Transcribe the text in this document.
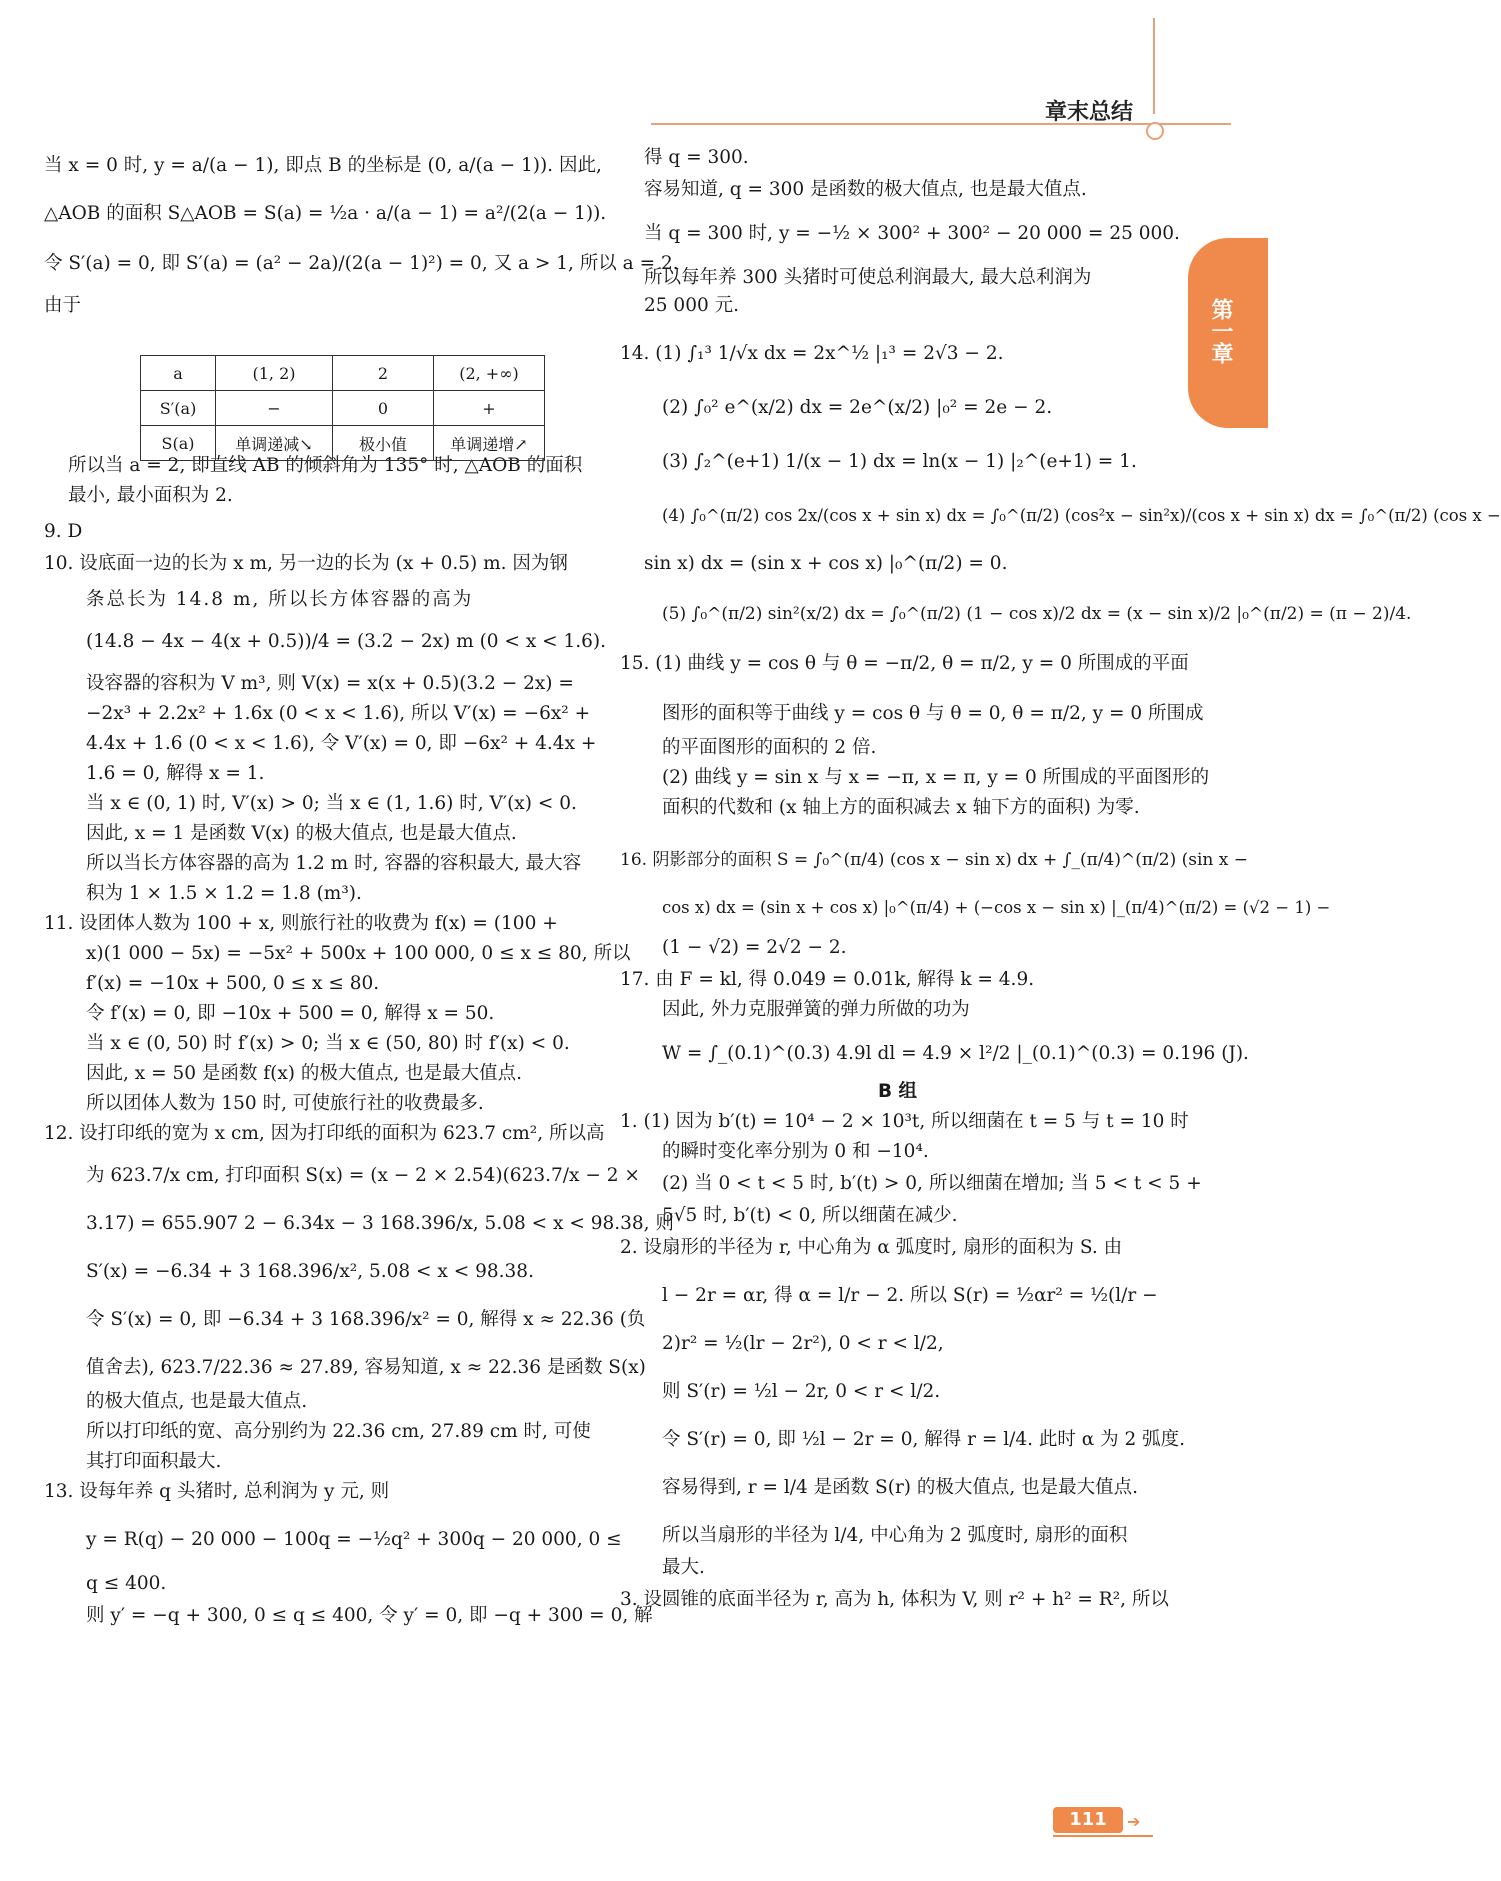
章末总结
第一章
当 x = 0 时, y = a/(a − 1), 即点 B 的坐标是 (0, a/(a − 1)). 因此,
△AOB 的面积 S△AOB = S(a) = ½a · a/(a − 1) = a²/(2(a − 1)).
令 S′(a) = 0, 即 S′(a) = (a² − 2a)/(2(a − 1)²) = 0, 又 a > 1, 所以 a = 2.
由于
所以当 a = 2, 即直线 AB 的倾斜角为 135° 时, △AOB 的面积
最小, 最小面积为 2.
9. D
10. 设底面一边的长为 x m, 另一边的长为 (x + 0.5) m. 因为钢
条总长为 14.8 m, 所以长方体容器的高为
(14.8 − 4x − 4(x + 0.5))/4 = (3.2 − 2x) m (0 < x < 1.6).
设容器的容积为 V m³, 则 V(x) = x(x + 0.5)(3.2 − 2x) =
−2x³ + 2.2x² + 1.6x (0 < x < 1.6), 所以 V′(x) = −6x² +
4.4x + 1.6 (0 < x < 1.6), 令 V′(x) = 0, 即 −6x² + 4.4x +
1.6 = 0, 解得 x = 1.
当 x ∈ (0, 1) 时, V′(x) > 0; 当 x ∈ (1, 1.6) 时, V′(x) < 0.
因此, x = 1 是函数 V(x) 的极大值点, 也是最大值点.
所以当长方体容器的高为 1.2 m 时, 容器的容积最大, 最大容
积为 1 × 1.5 × 1.2 = 1.8 (m³).
11. 设团体人数为 100 + x, 则旅行社的收费为 f(x) = (100 +
x)(1 000 − 5x) = −5x² + 500x + 100 000, 0 ≤ x ≤ 80, 所以
f′(x) = −10x + 500, 0 ≤ x ≤ 80.
令 f′(x) = 0, 即 −10x + 500 = 0, 解得 x = 50.
当 x ∈ (0, 50) 时 f′(x) > 0; 当 x ∈ (50, 80) 时 f′(x) < 0.
因此, x = 50 是函数 f(x) 的极大值点, 也是最大值点.
所以团体人数为 150 时, 可使旅行社的收费最多.
12. 设打印纸的宽为 x cm, 因为打印纸的面积为 623.7 cm², 所以高
为 623.7/x cm, 打印面积 S(x) = (x − 2 × 2.54)(623.7/x − 2 ×
3.17) = 655.907 2 − 6.34x − 3 168.396/x, 5.08 < x < 98.38, 则
S′(x) = −6.34 + 3 168.396/x², 5.08 < x < 98.38.
令 S′(x) = 0, 即 −6.34 + 3 168.396/x² = 0, 解得 x ≈ 22.36 (负
值舍去), 623.7/22.36 ≈ 27.89, 容易知道, x ≈ 22.36 是函数 S(x)
的极大值点, 也是最大值点.
所以打印纸的宽、高分别约为 22.36 cm, 27.89 cm 时, 可使
其打印面积最大.
13. 设每年养 q 头猪时, 总利润为 y 元, 则
y = R(q) − 20 000 − 100q = −½q² + 300q − 20 000, 0 ≤
q ≤ 400.
则 y′ = −q + 300, 0 ≤ q ≤ 400, 令 y′ = 0, 即 −q + 300 = 0, 解
a	(1, 2)	2	(2, +∞)
S′(a)	−	0	+
S(a)	单调递减↘	极小值	单调递增↗
得 q = 300.
容易知道, q = 300 是函数的极大值点, 也是最大值点.
当 q = 300 时, y = −½ × 300² + 300² − 20 000 = 25 000.
所以每年养 300 头猪时可使总利润最大, 最大总利润为
25 000 元.
14. (1) ∫₁³ 1/√x dx = 2x^½ |₁³ = 2√3 − 2.
(2) ∫₀² e^(x/2) dx = 2e^(x/2) |₀² = 2e − 2.
(3) ∫₂^(e+1) 1/(x − 1) dx = ln(x − 1) |₂^(e+1) = 1.
(4) ∫₀^(π/2) cos 2x/(cos x + sin x) dx = ∫₀^(π/2) (cos²x − sin²x)/(cos x + sin x) dx = ∫₀^(π/2) (cos x −
sin x) dx = (sin x + cos x) |₀^(π/2) = 0.
(5) ∫₀^(π/2) sin²(x/2) dx = ∫₀^(π/2) (1 − cos x)/2 dx = (x − sin x)/2 |₀^(π/2) = (π − 2)/4.
15. (1) 曲线 y = cos θ 与 θ = −π/2, θ = π/2, y = 0 所围成的平面
图形的面积等于曲线 y = cos θ 与 θ = 0, θ = π/2, y = 0 所围成
的平面图形的面积的 2 倍.
(2) 曲线 y = sin x 与 x = −π, x = π, y = 0 所围成的平面图形的
面积的代数和 (x 轴上方的面积减去 x 轴下方的面积) 为零.
16. 阴影部分的面积 S = ∫₀^(π/4) (cos x − sin x) dx + ∫_(π/4)^(π/2) (sin x −
cos x) dx = (sin x + cos x) |₀^(π/4) + (−cos x − sin x) |_(π/4)^(π/2) = (√2 − 1) −
(1 − √2) = 2√2 − 2.
17. 由 F = kl, 得 0.049 = 0.01k, 解得 k = 4.9.
因此, 外力克服弹簧的弹力所做的功为
W = ∫_(0.1)^(0.3) 4.9l dl = 4.9 × l²/2 |_(0.1)^(0.3) = 0.196 (J).
B 组
1. (1) 因为 b′(t) = 10⁴ − 2 × 10³t, 所以细菌在 t = 5 与 t = 10 时
的瞬时变化率分别为 0 和 −10⁴.
(2) 当 0 < t < 5 时, b′(t) > 0, 所以细菌在增加; 当 5 < t < 5 +
5√5 时, b′(t) < 0, 所以细菌在减少.
2. 设扇形的半径为 r, 中心角为 α 弧度时, 扇形的面积为 S. 由
l − 2r = αr, 得 α = l/r − 2. 所以 S(r) = ½αr² = ½(l/r −
2)r² = ½(lr − 2r²), 0 < r < l/2,
则 S′(r) = ½l − 2r, 0 < r < l/2.
令 S′(r) = 0, 即 ½l − 2r = 0, 解得 r = l/4. 此时 α 为 2 弧度.
容易得到, r = l/4 是函数 S(r) 的极大值点, 也是最大值点.
所以当扇形的半径为 l/4, 中心角为 2 弧度时, 扇形的面积
最大.
3. 设圆锥的底面半径为 r, 高为 h, 体积为 V, 则 r² + h² = R², 所以
111	➔
